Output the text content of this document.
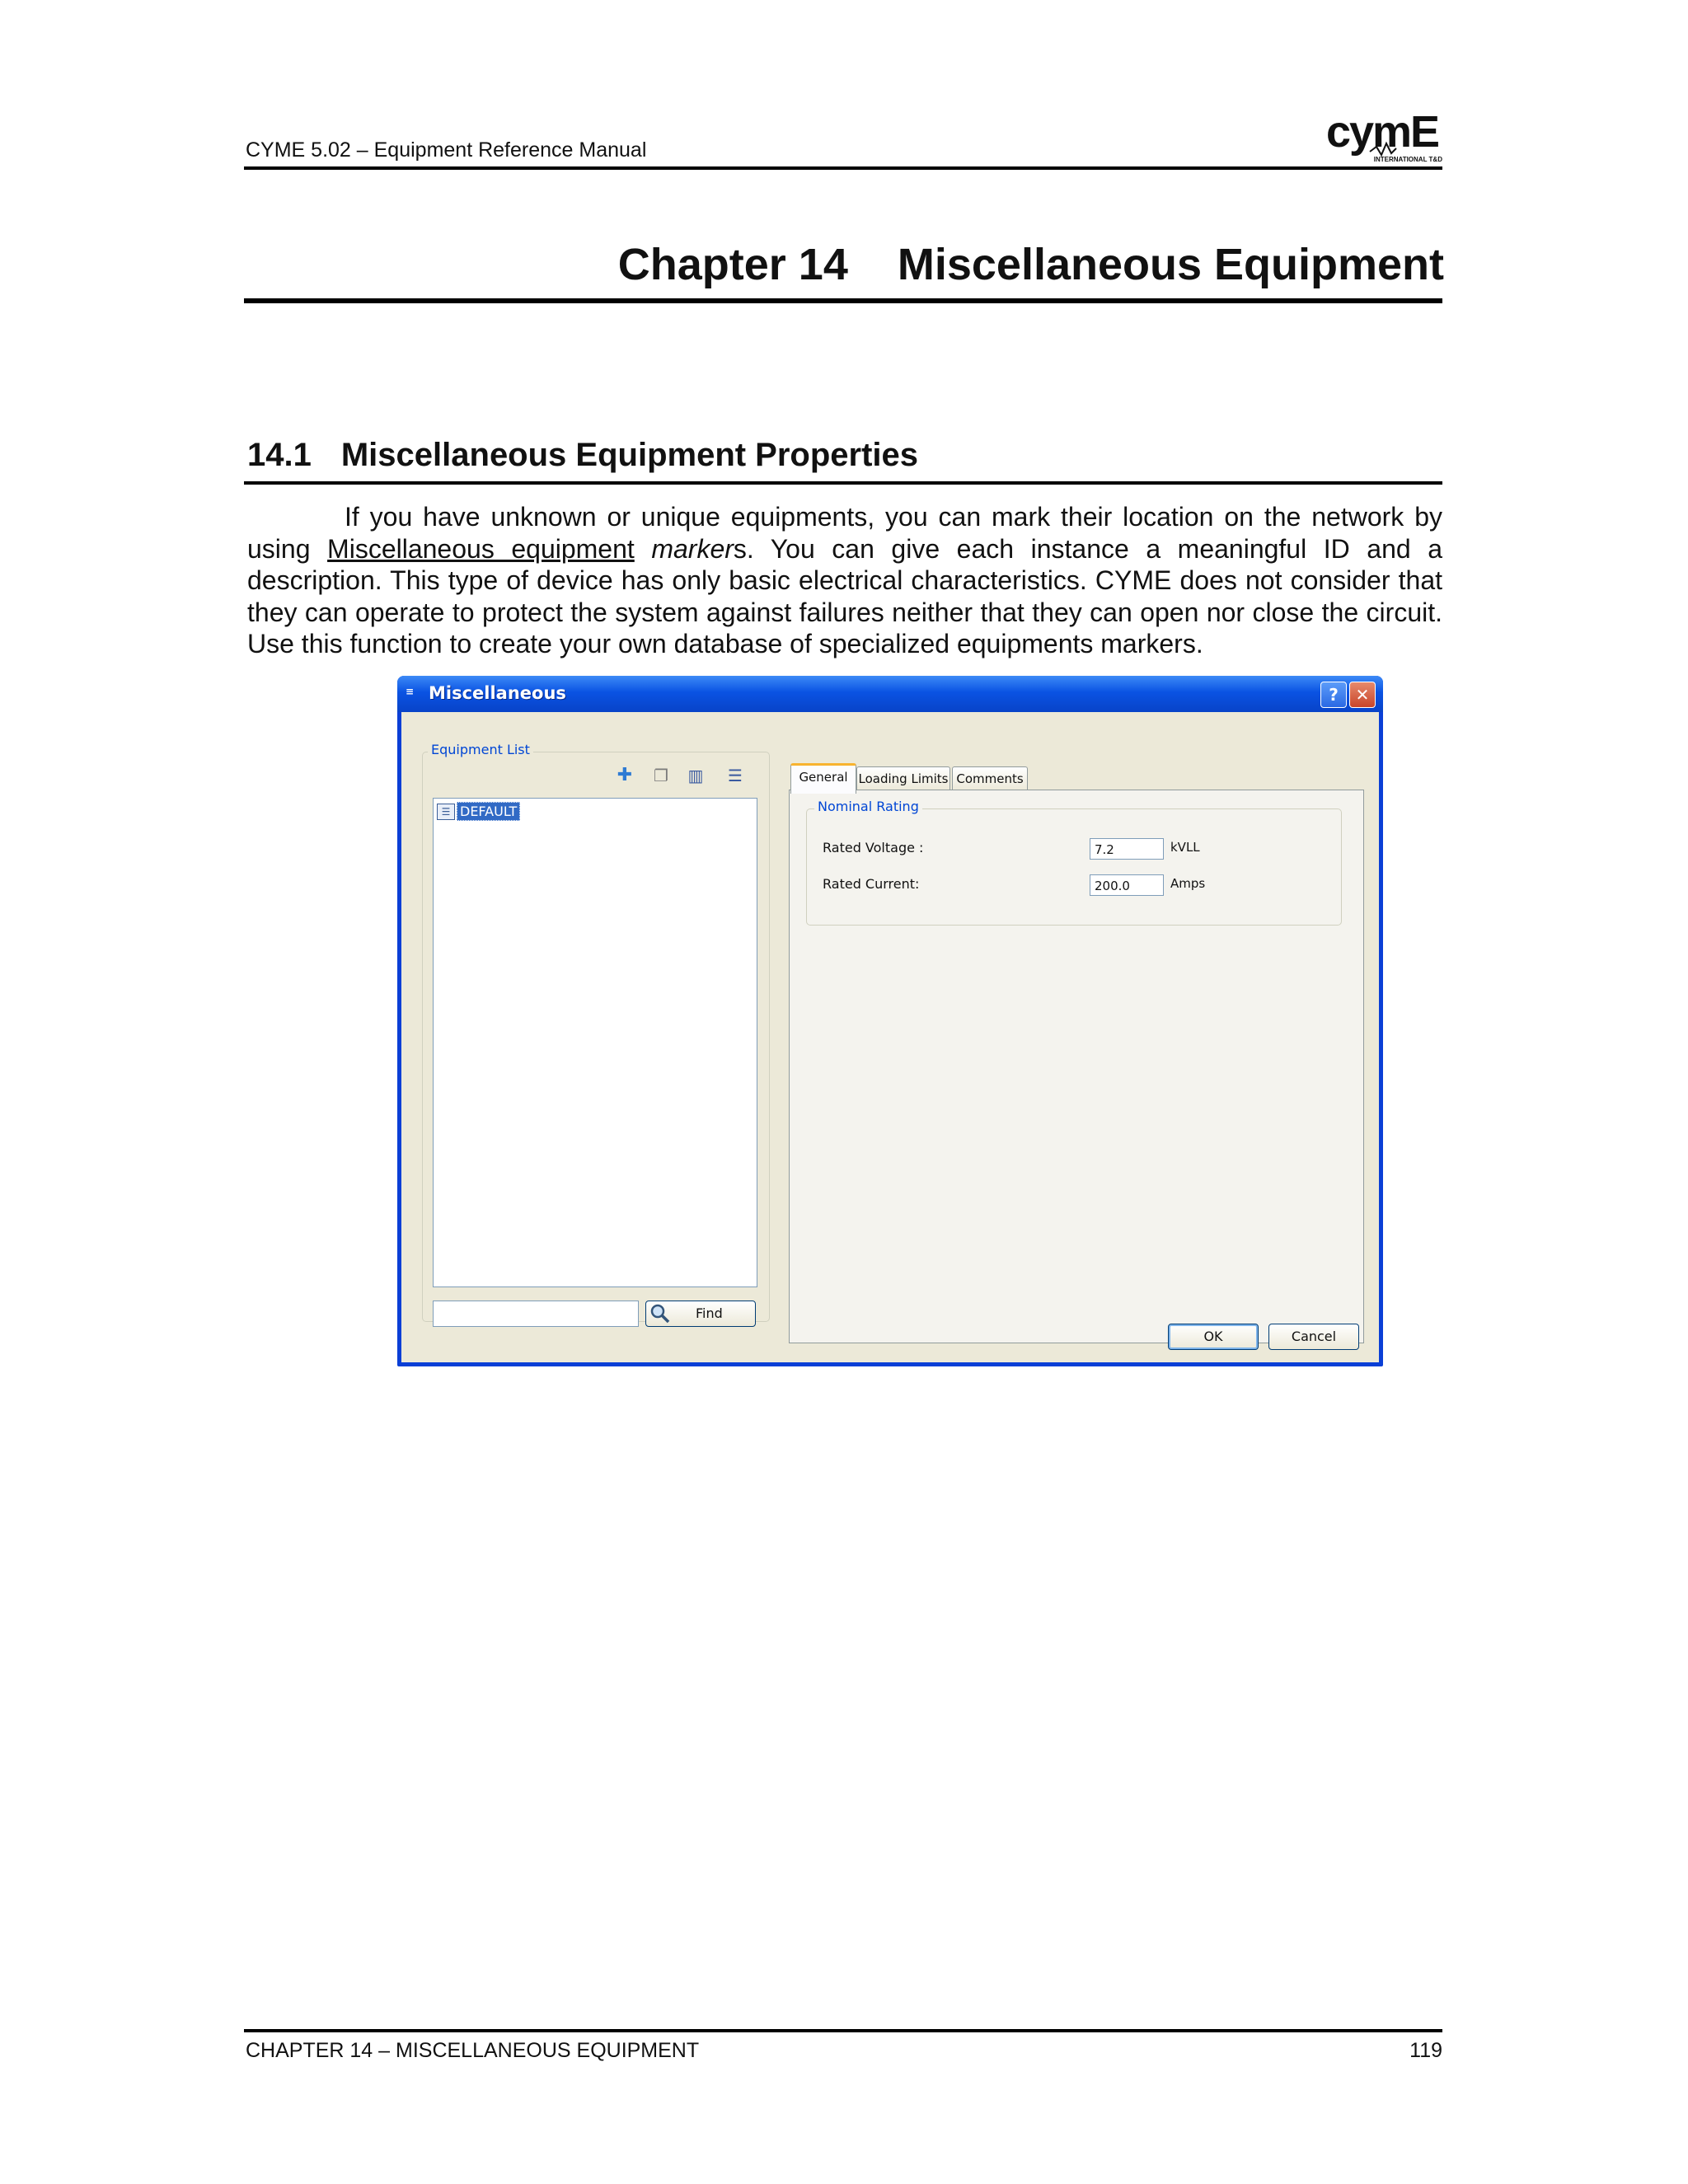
CYME 5.02 – Equipment Reference Manual	cymE
INTERNATIONAL T&D
Chapter 14 Miscellaneous Equipment
14.1 Miscellaneous Equipment Properties
If you have unknown or unique equipments, you can mark their location on the network by using Miscellaneous equipment markers. You can give each instance a meaningful ID and a description. This type of device has only basic electrical characteristics. CYME does not consider that they can operate to protect the system against failures neither that they can open nor close the circuit. Use this function to create your own database of specialized equipments markers.
≡ Miscellaneous	?	✕
Equipment List
✚	❐	▥	☰
☰ DEFAULT
Find
General Loading Limits Comments
Nominal Rating
Rated Voltage :	7.2	kVLL
Rated Current:	200.0	Amps
OK	Cancel
CHAPTER 14 – MISCELLANEOUS EQUIPMENT	119
